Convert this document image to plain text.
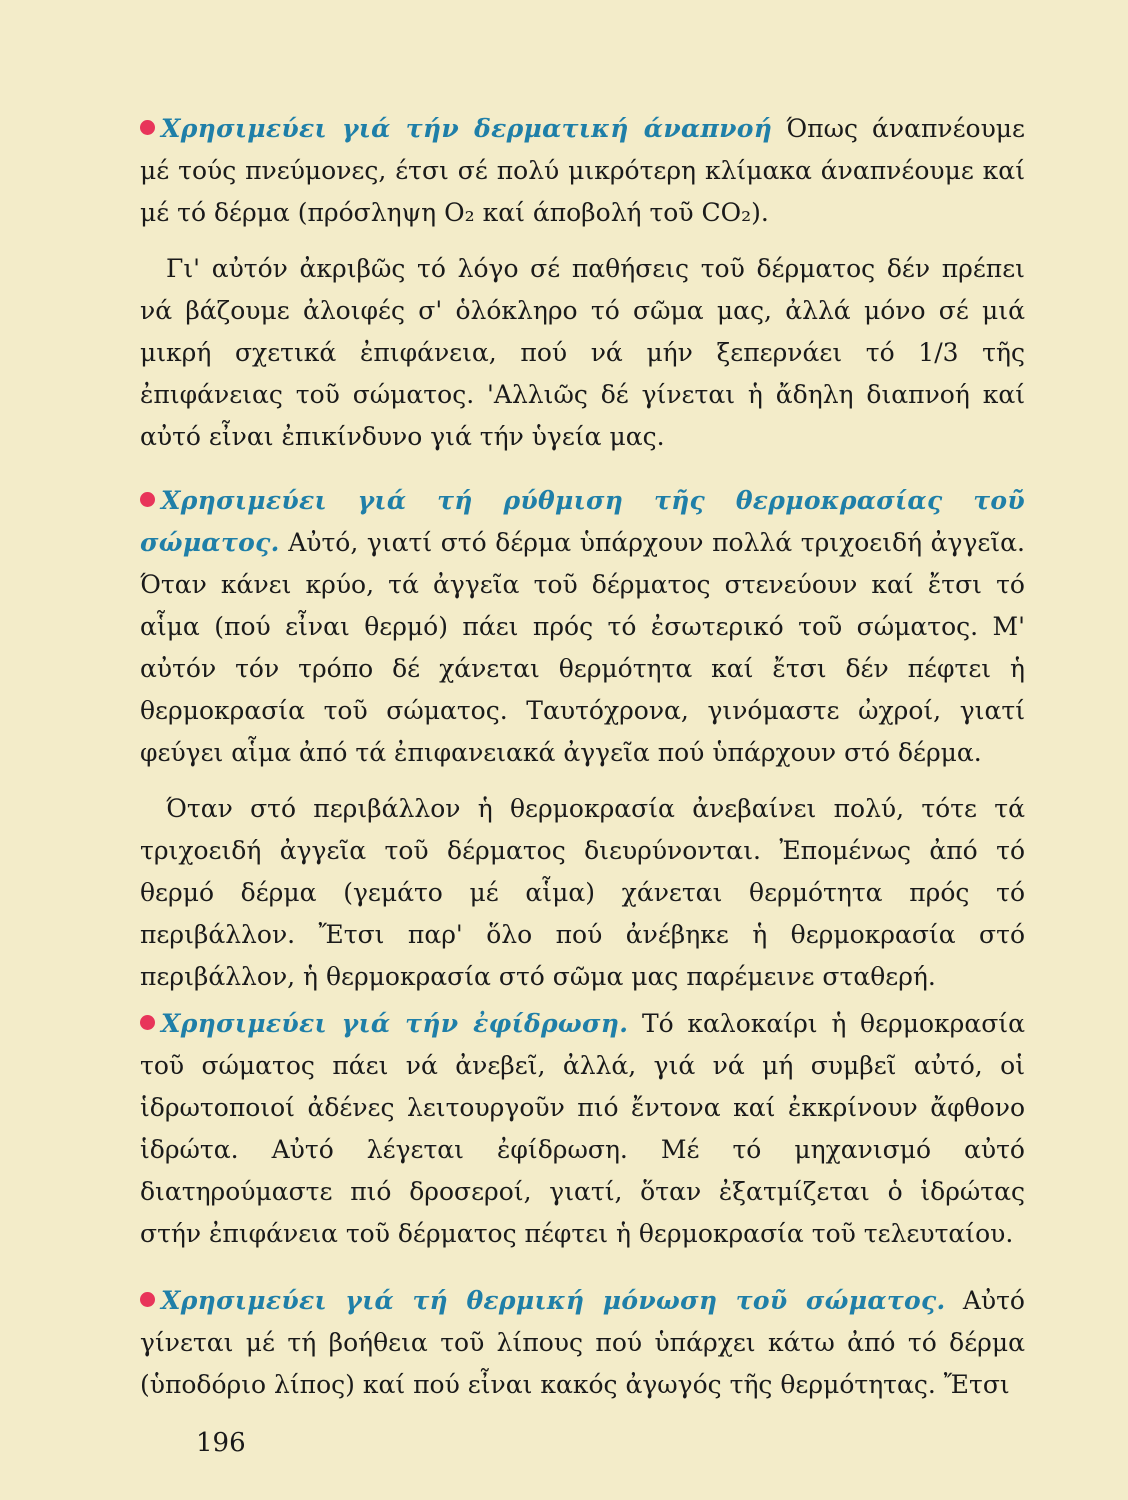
Χρησιμεύει γιά τήν δερματική άναπνοή Όπως άναπνέουμε μέ τούς πνεύμονες, έτσι σέ πολύ μικρότερη κλίμακα άναπνέουμε καί μέ τό δέρμα (πρόσληψη O₂ καί άποβολή τοῦ CO₂).

Γι' αὐτόν ἀκριβῶς τό λόγο σέ παθήσεις τοῦ δέρματος δέν πρέπει νά βάζουμε ἀλοιφές σ' ὁλόκληρο τό σῶμα μας, ἀλλά μόνο σέ μιά μικρή σχετικά ἐπιφάνεια, πού νά μήν ξεπερνάει τό 1/3 τῆς ἐπιφάνειας τοῦ σώματος. 'Αλλιῶς δέ γίνεται ἡ ἄδηλη διαπνοή καί αὐτό εἶναι ἐπικίνδυνο γιά τήν ὑγεία μας.

Χρησιμεύει γιά τή ρύθμιση τῆς θερμοκρασίας τοῦ σώματος. Αὐτό, γιατί στό δέρμα ὑπάρχουν πολλά τριχοειδή ἀγγεῖα. Όταν κάνει κρύο, τά ἀγγεῖα τοῦ δέρματος στενεύουν καί ἔτσι τό αἷμα (πού εἶναι θερμό) πάει πρός τό ἐσωτερικό τοῦ σώματος. Μ' αὐτόν τόν τρόπο δέ χάνεται θερμότητα καί ἔτσι δέν πέφτει ἡ θερμοκρασία τοῦ σώματος. Ταυτόχρονα, γινόμαστε ὠχροί, γιατί φεύγει αἷμα ἀπό τά ἐπιφανειακά ἀγγεῖα πού ὑπάρχουν στό δέρμα.

Όταν στό περιβάλλον ἡ θερμοκρασία ἀνεβαίνει πολύ, τότε τά τριχοειδή ἀγγεῖα τοῦ δέρματος διευρύνονται. Ἐπομένως ἀπό τό θερμό δέρμα (γεμάτο μέ αἷμα) χάνεται θερμότητα πρός τό περιβάλλον. Ἔτσι παρ' ὅλο πού ἀνέβηκε ἡ θερμοκρασία στό περιβάλλον, ἡ θερμοκρασία στό σῶμα μας παρέμεινε σταθερή.

Χρησιμεύει γιά τήν ἐφίδρωση. Τό καλοκαίρι ἡ θερμοκρασία τοῦ σώματος πάει νά ἀνεβεῖ, ἀλλά, γιά νά μή συμβεῖ αὐτό, οἱ ἱδρωτοποιοί ἀδένες λειτουργοῦν πιό ἔντονα καί ἐκκρίνουν ἄφθονο ἱδρώτα. Αὐτό λέγεται ἐφίδρωση. Μέ τό μηχανισμό αὐτό διατηρούμαστε πιό δροσεροί, γιατί, ὅταν ἐξατμίζεται ὁ ἱδρώτας στήν ἐπιφάνεια τοῦ δέρματος πέφτει ἡ θερμοκρασία τοῦ τελευταίου.

Χρησιμεύει γιά τή θερμική μόνωση τοῦ σώματος. Αὐτό γίνεται μέ τή βοήθεια τοῦ λίπους πού ὑπάρχει κάτω ἀπό τό δέρμα (ὑποδόριο λίπος) καί πού εἶναι κακός ἀγωγός τῆς θερμότητας. Ἔτσι

196
